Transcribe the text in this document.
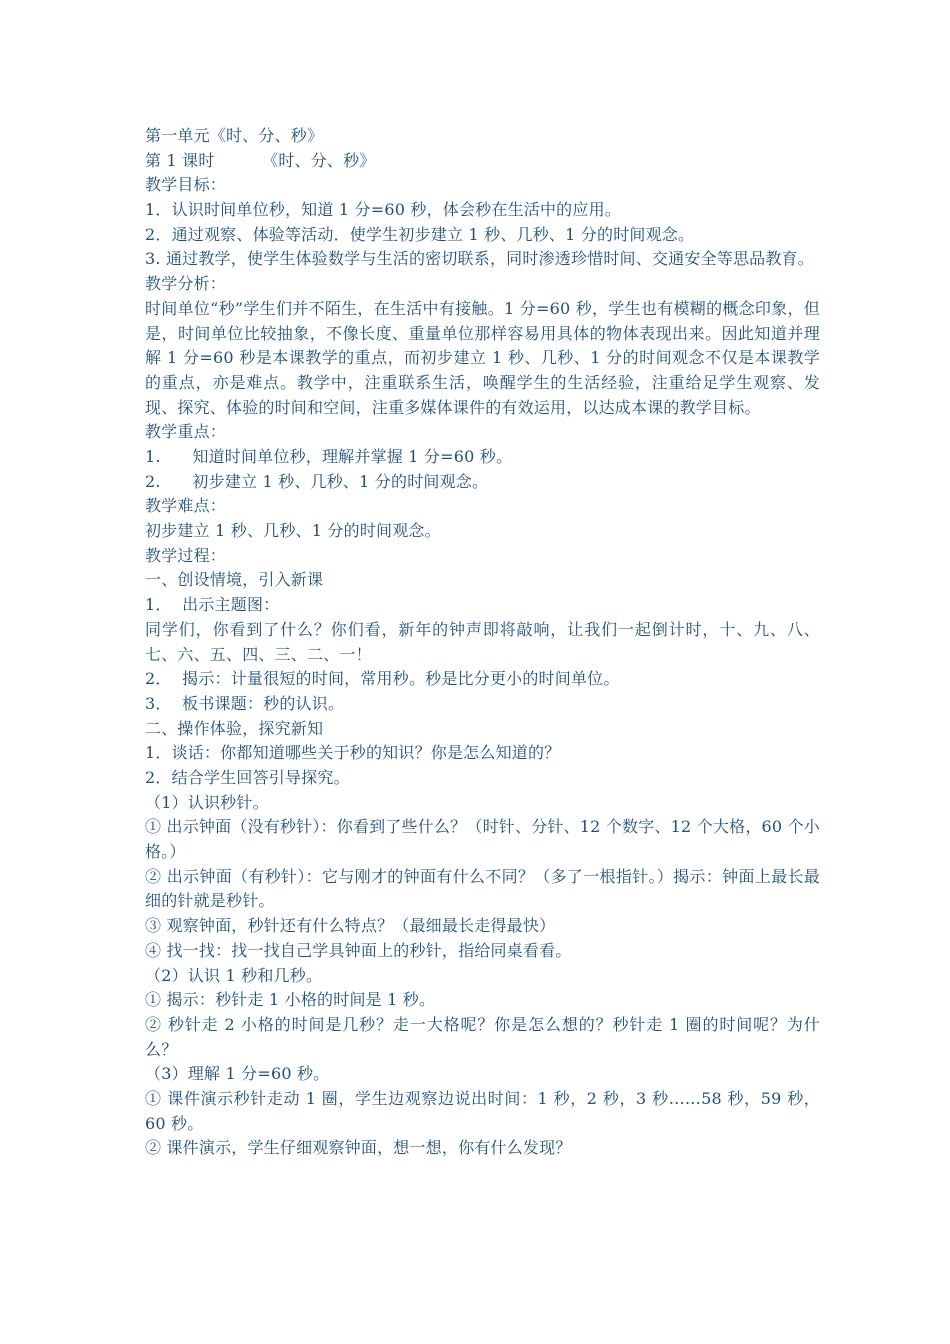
第一单元《时、分、秒》
第 1 课时         《时、分、秒》
教学目标：
1．认识时间单位秒，知道 1 分=60 秒，体会秒在生活中的应用。
2．通过观察、体验等活动．使学生初步建立 1 秒、几秒、1 分的时间观念。
3. 通过教学，使学生体验数学与生活的密切联系，同时渗透珍惜时间、交通安全等思品教育。
教学分析：
时间单位“秒”学生们并不陌生，在生活中有接触。1 分=60 秒，学生也有模糊的概念印象，但是，时间单位比较抽象，不像长度、重量单位那样容易用具体的物体表现出来。因此知道并理解 1 分=60 秒是本课教学的重点，而初步建立 1 秒、几秒、1 分的时间观念不仅是本课教学的重点，亦是难点。教学中，注重联系生活，唤醒学生的生活经验，注重给足学生观察、发现、探究、体验的时间和空间，注重多媒体课件的有效运用，以达成本课的教学目标。
教学重点：
1.      知道时间单位秒，理解并掌握 1 分=60 秒。
2.      初步建立 1 秒、几秒、1 分的时间观念。
教学难点：
初步建立 1 秒、几秒、1 分的时间观念。
教学过程：
一、创设情境，引入新课
1．  出示主题图：
同学们，你看到了什么？你们看，新年的钟声即将敲响，让我们一起倒计时，十、九、八、七、六、五、四、三、二、一！
2．  揭示：计量很短的时间，常用秒。秒是比分更小的时间单位。
3．  板书课题：秒的认识。
二、操作体验，探究新知
1．谈话：你都知道哪些关于秒的知识？你是怎么知道的？
2．结合学生回答引导探究。
（1）认识秒针。
① 出示钟面（没有秒针）：你看到了些什么？（时针、分针、12 个数字、12 个大格，60 个小格。）
② 出示钟面（有秒针）：它与刚才的钟面有什么不同？（多了一根指针。）揭示：钟面上最长最细的针就是秒针。
③ 观察钟面，秒针还有什么特点？（最细最长走得最快）
④ 找一找：找一找自己学具钟面上的秒针，指给同桌看看。
（2）认识 1 秒和几秒。
① 揭示：秒针走 1 小格的时间是 1 秒。
② 秒针走 2 小格的时间是几秒？走一大格呢？你是怎么想的？秒针走 1 圈的时间呢？为什么？
（3）理解 1 分=60 秒。
① 课件演示秒针走动 1 圈，学生边观察边说出时间：1 秒，2 秒，3 秒……58 秒，59 秒，60 秒。
② 课件演示，学生仔细观察钟面，想一想，你有什么发现？
